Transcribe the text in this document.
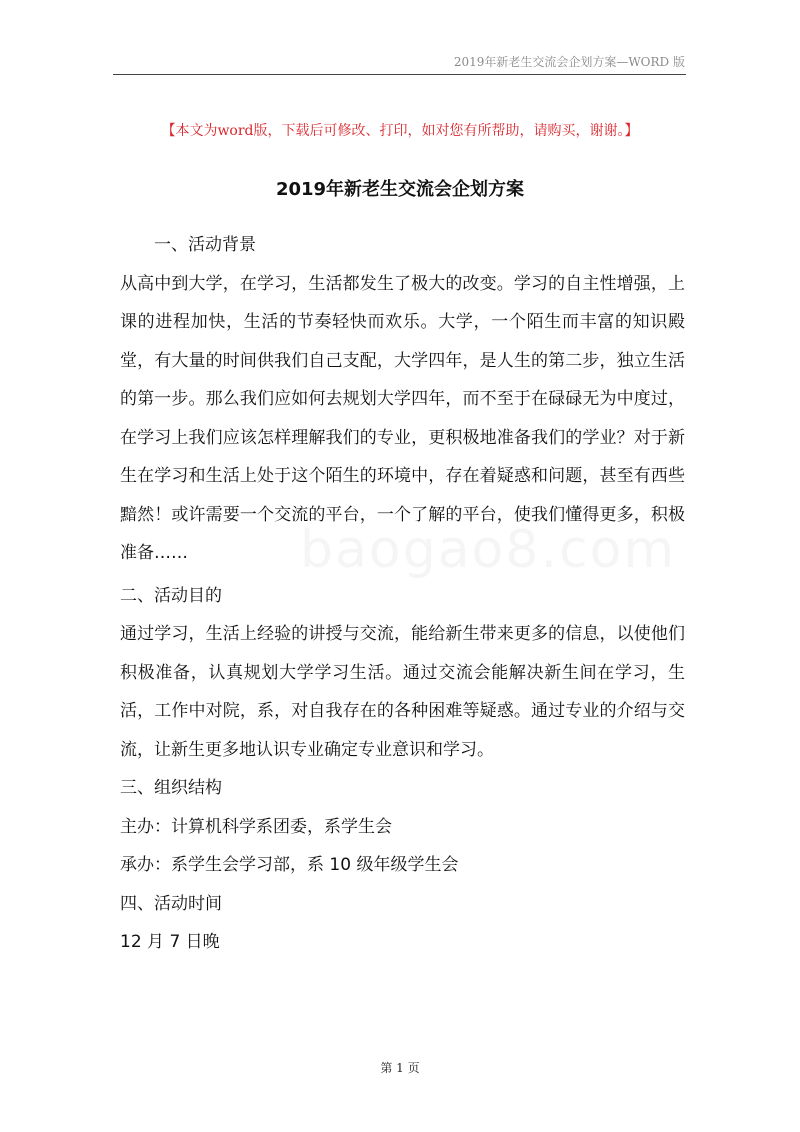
2019年新老生交流会企划方案—WORD 版
【本文为word版，下载后可修改、打印，如对您有所帮助，请购买，谢谢。】
2019年新老生交流会企划方案
baogao8.com

一、活动背景

从高中到大学，在学习，生活都发生了极大的改变。学习的自主性增强，上课的进程加快，生活的节奏轻快而欢乐。大学，一个陌生而丰富的知识殿堂，有大量的时间供我们自己支配，大学四年，是人生的第二步，独立生活的第一步。那么我们应如何去规划大学四年，而不至于在碌碌无为中度过，在学习上我们应该怎样理解我们的专业，更积极地准备我们的学业？对于新生在学习和生活上处于这个陌生的环境中，存在着疑惑和问题，甚至有西些黯然！或许需要一个交流的平台，一个了解的平台，使我们懂得更多，积极准备……

二、活动目的

通过学习，生活上经验的讲授与交流，能给新生带来更多的信息，以使他们积极准备，认真规划大学学习生活。通过交流会能解决新生间在学习，生活，工作中对院，系，对自我存在的各种困难等疑惑。通过专业的介绍与交流，让新生更多地认识专业确定专业意识和学习。

三、组织结构

主办：计算机科学系团委，系学生会

承办：系学生会学习部，系 10 级年级学生会

四、活动时间

12 月 7 日晚

第 1 页
